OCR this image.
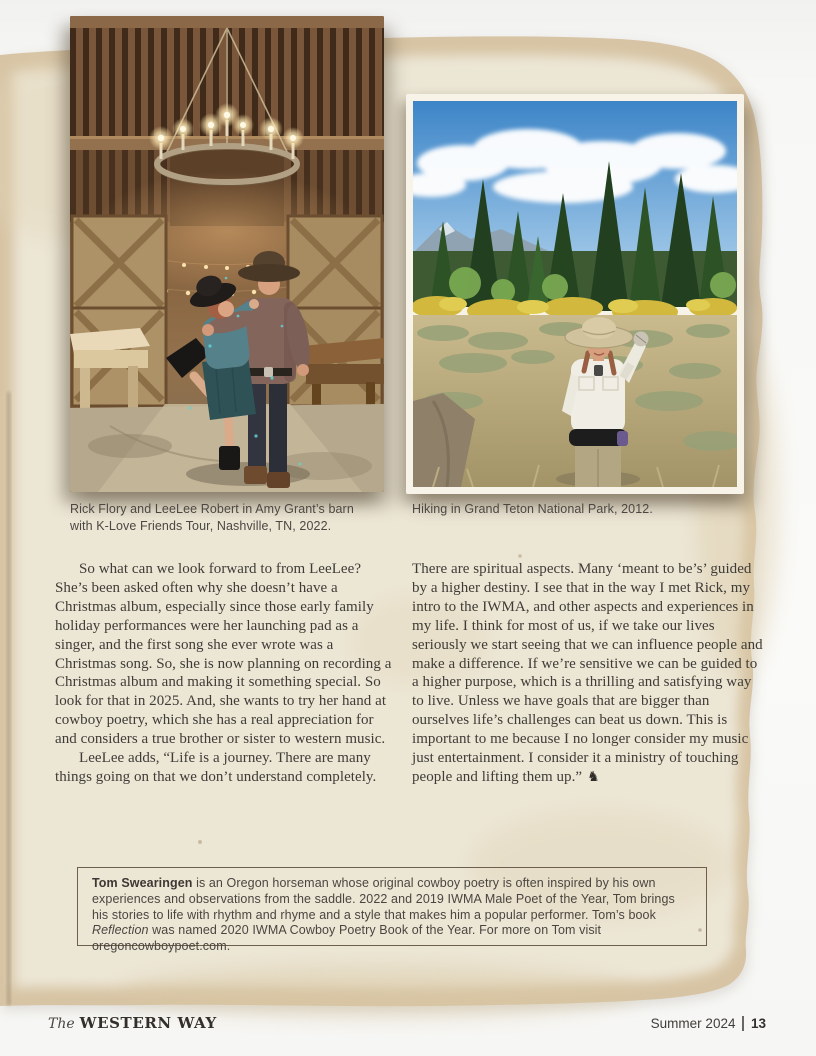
Rick Flory and LeeLee Robert in Amy Grant’s barn with K-Love Friends Tour, Nashville, TN, 2022.
Hiking in Grand Teton National Park, 2012.

So what can we look forward to from LeeLee? She’s been asked often why she doesn’t have a Christmas album, especially since those early family holiday performances were her launching pad as a singer, and the first song she ever wrote was a Christmas song. So, she is now planning on recording a Christmas album and making it something special. So look for that in 2025. And, she wants to try her hand at cowboy poetry, which she has a real appreciation for and considers a true brother or sister to western music.

LeeLee adds, “Life is a journey. There are many things going on that we don’t understand completely.

There are spiritual aspects. Many ‘meant to be’s’ guided by a higher destiny. I see that in the way I met Rick, my intro to the IWMA, and other aspects and experiences in my life. I think for most of us, if we take our lives seriously we start seeing that we can influence people and make a difference. If we’re sensitive we can be guided to a higher purpose, which is a thrilling and satisfying way to live. Unless we have goals that are bigger than ourselves life’s challenges can beat us down. This is important to me because I no longer consider my music just entertainment. I consider it a ministry of touching people and lifting them up.” ♞

Tom Swearingen is an Oregon horseman whose original cowboy poetry is often inspired by his own experiences and observations from the saddle. 2022 and 2019 IWMA Male Poet of the Year, Tom brings his stories to life with rhythm and rhyme and a style that makes him a popular performer. Tom’s book Reflection was named 2020 IWMA Cowboy Poetry Book of the Year. For more on Tom visit oregoncowboypoet.com.

The WESTERN WAY	Summer 2024 13
